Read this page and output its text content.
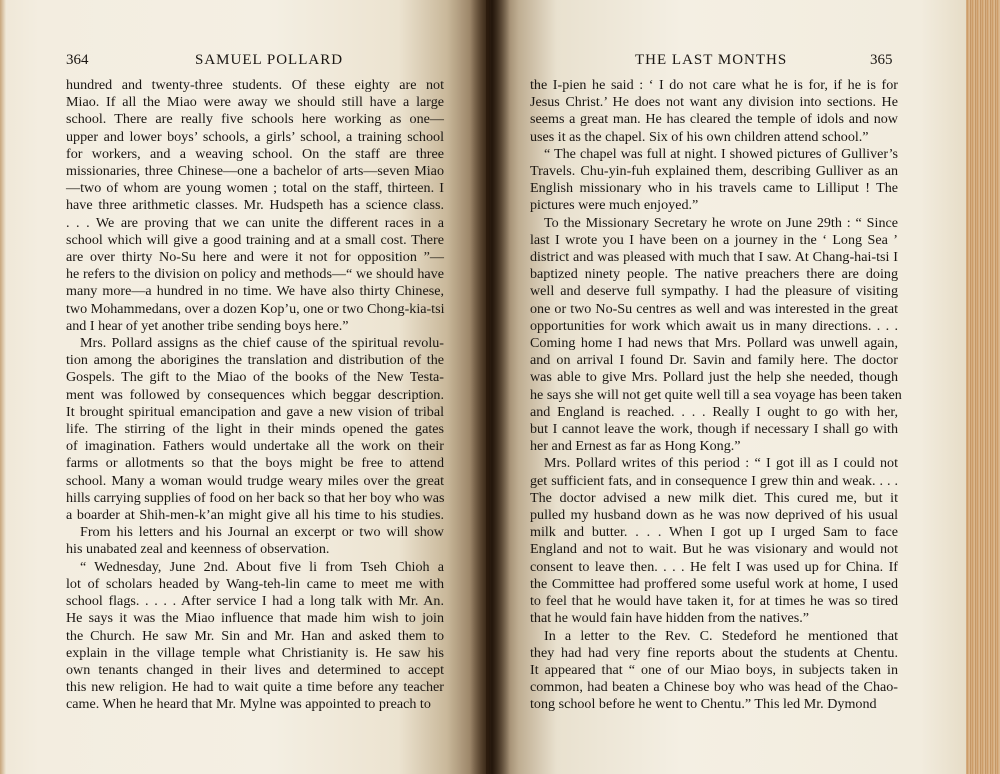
364	SAMUEL POLLARD
hundred and twenty-three students. Of these eighty are not
Miao. If all the Miao were away we should still have a large
school. There are really five schools here working as one—
upper and lower boys’ schools, a girls’ school, a training school
for workers, and a weaving school. On the staff are three
missionaries, three Chinese—one a bachelor of arts—seven Miao
—two of whom are young women ; total on the staff, thirteen. I
have three arithmetic classes. Mr. Hudspeth has a science class.
. . . We are proving that we can unite the different races in a
school which will give a good training and at a small cost. There
are over thirty No-Su here and were it not for opposition ”—
he refers to the division on policy and methods—“ we should have
many more—a hundred in no time. We have also thirty Chinese,
two Mohammedans, over a dozen Kop’u, one or two Chong-kia-tsi
and I hear of yet another tribe sending boys here.”
Mrs. Pollard assigns as the chief cause of the spiritual revolu-
tion among the aborigines the translation and distribution of the
Gospels. The gift to the Miao of the books of the New Testa-
ment was followed by consequences which beggar description.
It brought spiritual emancipation and gave a new vision of tribal
life. The stirring of the light in their minds opened the gates
of imagination. Fathers would undertake all the work on their
farms or allotments so that the boys might be free to attend
school. Many a woman would trudge weary miles over the great
hills carrying supplies of food on her back so that her boy who was
a boarder at Shih-men-k’an might give all his time to his studies.
From his letters and his Journal an excerpt or two will show
his unabated zeal and keenness of observation.
“ Wednesday, June 2nd. About five li from Tseh Chioh a
lot of scholars headed by Wang-teh-lin came to meet me with
school flags. . . . . After service I had a long talk with Mr. An.
He says it was the Miao influence that made him wish to join
the Church. He saw Mr. Sin and Mr. Han and asked them to
explain in the village temple what Christianity is. He saw his
own tenants changed in their lives and determined to accept
this new religion. He had to wait quite a time before any teacher
came. When he heard that Mr. Mylne was appointed to preach to
THE LAST MONTHS	365
the I-pien he said : ‘ I do not care what he is for, if he is for
Jesus Christ.’ He does not want any division into sections. He
seems a great man. He has cleared the temple of idols and now
uses it as the chapel. Six of his own children attend school.”
“ The chapel was full at night. I showed pictures of Gulliver’s
Travels. Chu-yin-fuh explained them, describing Gulliver as an
English missionary who in his travels came to Lilliput ! The
pictures were much enjoyed.”
To the Missionary Secretary he wrote on June 29th : “ Since
last I wrote you I have been on a journey in the ‘ Long Sea ’
district and was pleased with much that I saw. At Chang-hai-tsi I
baptized ninety people. The native preachers there are doing
well and deserve full sympathy. I had the pleasure of visiting
one or two No-Su centres as well and was interested in the great
opportunities for work which await us in many directions. . . .
Coming home I had news that Mrs. Pollard was unwell again,
and on arrival I found Dr. Savin and family here. The doctor
was able to give Mrs. Pollard just the help she needed, though
he says she will not get quite well till a sea voyage has been taken
and England is reached. . . . Really I ought to go with her,
but I cannot leave the work, though if necessary I shall go with
her and Ernest as far as Hong Kong.”
Mrs. Pollard writes of this period : “ I got ill as I could not
get sufficient fats, and in consequence I grew thin and weak. . . .
The doctor advised a new milk diet. This cured me, but it
pulled my husband down as he was now deprived of his usual
milk and butter. . . . When I got up I urged Sam to face
England and not to wait. But he was visionary and would not
consent to leave then. . . . He felt I was used up for China. If
the Committee had proffered some useful work at home, I used
to feel that he would have taken it, for at times he was so tired
that he would fain have hidden from the natives.”
In a letter to the Rev. C. Stedeford he mentioned that
they had had very fine reports about the students at Chentu.
It appeared that “ one of our Miao boys, in subjects taken in
common, had beaten a Chinese boy who was head of the Chao-
tong school before he went to Chentu.” This led Mr. Dymond
